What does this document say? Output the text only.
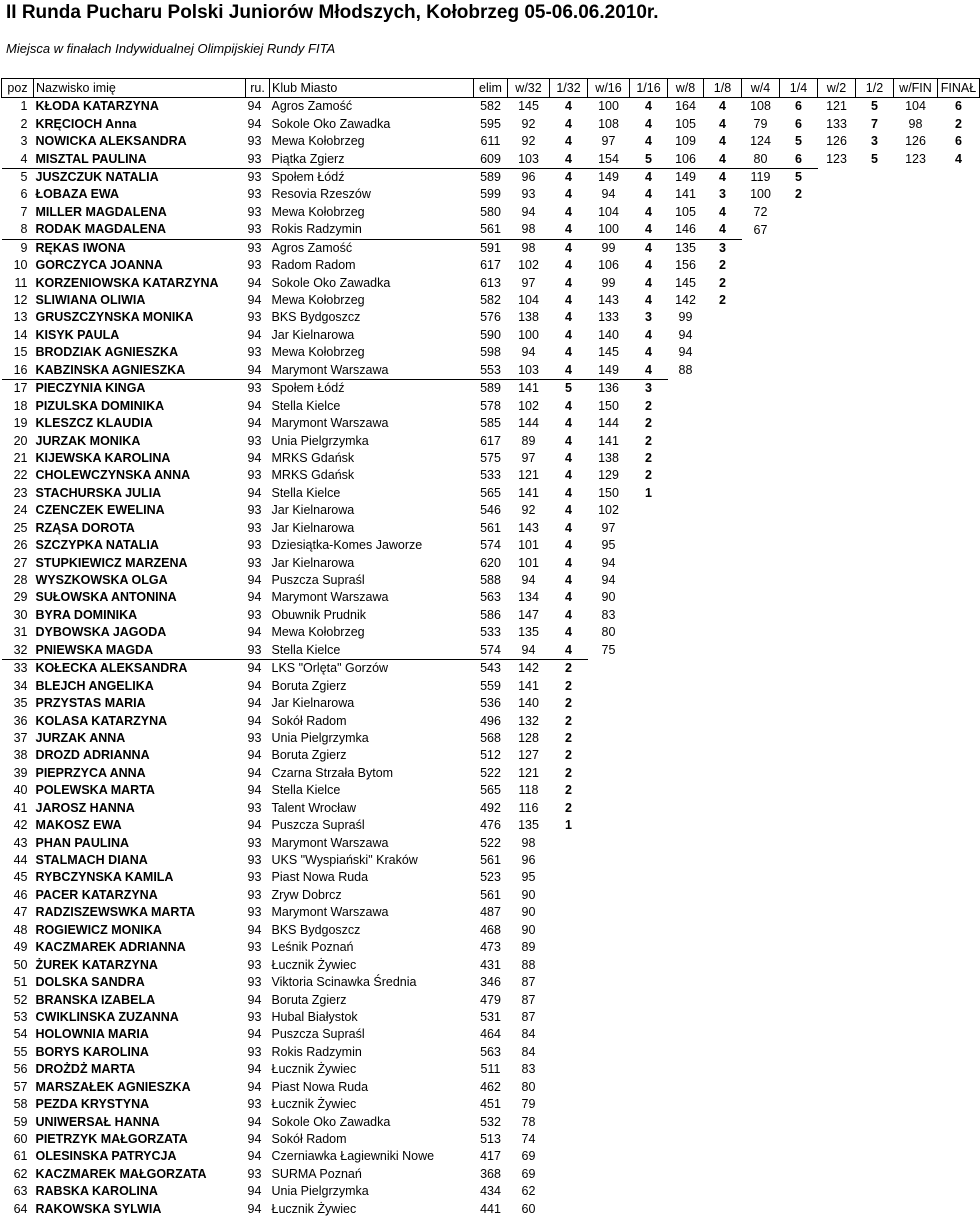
II Runda Pucharu Polski Juniorów Młodszych, Kołobrzeg 05-06.06.2010r.
Miejsca w finałach Indywidualnej Olimpijskiej Rundy FITA
poz	Nazwisko imię	ru.	Klub Miasto	elim	w/32	1/32	w/16	1/16	w/8	1/8	w/4	1/4	w/2	1/2	w/FIN	FINAŁ
1	KŁODA KATARZYNA	94	Agros Zamość	582	145	4	100	4	164	4	108	6	121	5	104	6
2	KRĘCIOCH Anna	94	Sokole Oko Zawadka	595	92	4	108	4	105	4	79	6	133	7	98	2
3	NOWICKA ALEKSANDRA	93	Mewa Kołobrzeg	611	92	4	97	4	109	4	124	5	126	3	126	6
4	MISZTAL PAULINA	93	Piątka Zgierz	609	103	4	154	5	106	4	80	6	123	5	123	4
5	JUSZCZUK NATALIA	93	Społem Łódź	589	96	4	149	4	149	4	119	5				
6	ŁOBAZA EWA	93	Resovia Rzeszów	599	93	4	94	4	141	3	100	2				
7	MILLER MAGDALENA	93	Mewa Kołobrzeg	580	94	4	104	4	105	4	72					
8	RODAK MAGDALENA	93	Rokis Radzymin	561	98	4	100	4	146	4	67					
9	RĘKAS IWONA	93	Agros Zamość	591	98	4	99	4	135	3						
10	GORCZYCA JOANNA	93	Radom Radom	617	102	4	106	4	156	2						
11	KORZENIOWSKA KATARZYNA	94	Sokole Oko Zawadka	613	97	4	99	4	145	2						
12	SLIWIANA OLIWIA	94	Mewa Kołobrzeg	582	104	4	143	4	142	2						
13	GRUSZCZYNSKA MONIKA	93	BKS Bydgoszcz	576	138	4	133	3	99							
14	KISYK PAULA	94	Jar Kielnarowa	590	100	4	140	4	94							
15	BRODZIAK AGNIESZKA	93	Mewa Kołobrzeg	598	94	4	145	4	94							
16	KABZINSKA AGNIESZKA	94	Marymont Warszawa	553	103	4	149	4	88							
17	PIECZYNIA KINGA	93	Społem Łódź	589	141	5	136	3								
18	PIZULSKA DOMINIKA	94	Stella Kielce	578	102	4	150	2								
19	KLESZCZ KLAUDIA	94	Marymont Warszawa	585	144	4	144	2								
20	JURZAK MONIKA	93	Unia Pielgrzymka	617	89	4	141	2								
21	KIJEWSKA KAROLINA	94	MRKS Gdańsk	575	97	4	138	2								
22	CHOLEWCZYNSKA ANNA	93	MRKS Gdańsk	533	121	4	129	2								
23	STACHURSKA JULIA	94	Stella Kielce	565	141	4	150	1								
24	CZENCZEK EWELINA	93	Jar Kielnarowa	546	92	4	102									
25	RZĄSA DOROTA	93	Jar Kielnarowa	561	143	4	97									
26	SZCZYPKA NATALIA	93	Dziesiątka-Komes Jaworze	574	101	4	95									
27	STUPKIEWICZ MARZENA	93	Jar Kielnarowa	620	101	4	94									
28	WYSZKOWSKA OLGA	94	Puszcza Supraśl	588	94	4	94									
29	SUŁOWSKA ANTONINA	94	Marymont Warszawa	563	134	4	90									
30	BYRA DOMINIKA	93	Obuwnik Prudnik	586	147	4	83									
31	DYBOWSKA JAGODA	94	Mewa Kołobrzeg	533	135	4	80									
32	PNIEWSKA MAGDA	93	Stella Kielce	574	94	4	75									
33	KOŁECKA ALEKSANDRA	94	LKS "Orlęta" Gorzów	543	142	2										
34	BLEJCH ANGELIKA	94	Boruta Zgierz	559	141	2										
35	PRZYSTAS MARIA	94	Jar Kielnarowa	536	140	2										
36	KOLASA KATARZYNA	94	Sokół Radom	496	132	2										
37	JURZAK ANNA	93	Unia Pielgrzymka	568	128	2										
38	DROZD ADRIANNA	94	Boruta Zgierz	512	127	2										
39	PIEPRZYCA ANNA	94	Czarna Strzała Bytom	522	121	2										
40	POLEWSKA MARTA	94	Stella Kielce	565	118	2										
41	JAROSZ HANNA	93	Talent Wrocław	492	116	2										
42	MAKOSZ EWA	94	Puszcza Supraśl	476	135	1										
43	PHAN PAULINA	93	Marymont Warszawa	522	98											
44	STALMACH DIANA	93	UKS "Wyspiański" Kraków	561	96											
45	RYBCZYNSKA KAMILA	93	Piast Nowa Ruda	523	95											
46	PACER KATARZYNA	93	Zryw Dobrcz	561	90											
47	RADZISZEWSWKA MARTA	93	Marymont Warszawa	487	90											
48	ROGIEWICZ MONIKA	94	BKS Bydgoszcz	468	90											
49	KACZMAREK ADRIANNA	93	Leśnik Poznań	473	89											
50	ŻUREK KATARZYNA	93	Łucznik Żywiec	431	88											
51	DOLSKA SANDRA	93	Viktoria Scinawka Średnia	346	87											
52	BRANSKA IZABELA	94	Boruta Zgierz	479	87											
53	CWIKLINSKA ZUZANNA	93	Hubal Białystok	531	87											
54	HOLOWNIA MARIA	94	Puszcza Supraśl	464	84											
55	BORYS KAROLINA	93	Rokis Radzymin	563	84											
56	DROŻDŻ MARTA	94	Łucznik Żywiec	511	83											
57	MARSZAŁEK AGNIESZKA	94	Piast Nowa Ruda	462	80											
58	PEZDA KRYSTYNA	93	Łucznik Żywiec	451	79											
59	UNIWERSAŁ HANNA	94	Sokole Oko Zawadka	532	78											
60	PIETRZYK MAŁGORZATA	94	Sokół Radom	513	74											
61	OLESINSKA PATRYCJA	94	Czerniawka Łagiewniki Nowe	417	69											
62	KACZMAREK MAŁGORZATA	93	SURMA Poznań	368	69											
63	RABSKA KAROLINA	94	Unia Pielgrzymka	434	62											
64	RAKOWSKA SYLWIA	94	Łucznik Żywiec	441	60											
